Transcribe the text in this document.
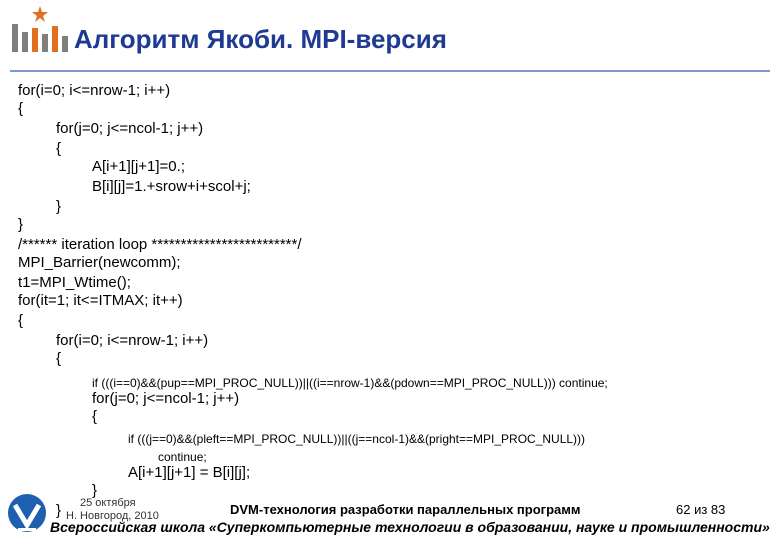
Алгоритм Якоби. MPI-версия
for(i=0; i<=nrow-1; i++)
{
for(j=0; j<=ncol-1; j++)
{
A[i+1][j+1]=0.;
B[i][j]=1.+srow+i+scol+j;
}
}
/****** iteration loop *************************/
MPI_Barrier(newcomm);
t1=MPI_Wtime();
for(it=1; it<=ITMAX; it++)
{
for(i=0; i<=nrow-1; i++)
{
if (((i==0)&&(pup==MPI_PROC_NULL))||((i==nrow-1)&&(pdown==MPI_PROC_NULL))) continue;
for(j=0; j<=ncol-1; j++)
{
if (((j==0)&&(pleft==MPI_PROC_NULL))||((j==ncol-1)&&(pright==MPI_PROC_NULL)))
continue;
A[i+1][j+1] = B[i][j];
}
} 25 октября
Н. Новгород, 2010	DVM-технология разработки параллельных программ	62 из 83
Всероссийская школа «Суперкомпьютерные технологии в образовании, науке и промышленности»
